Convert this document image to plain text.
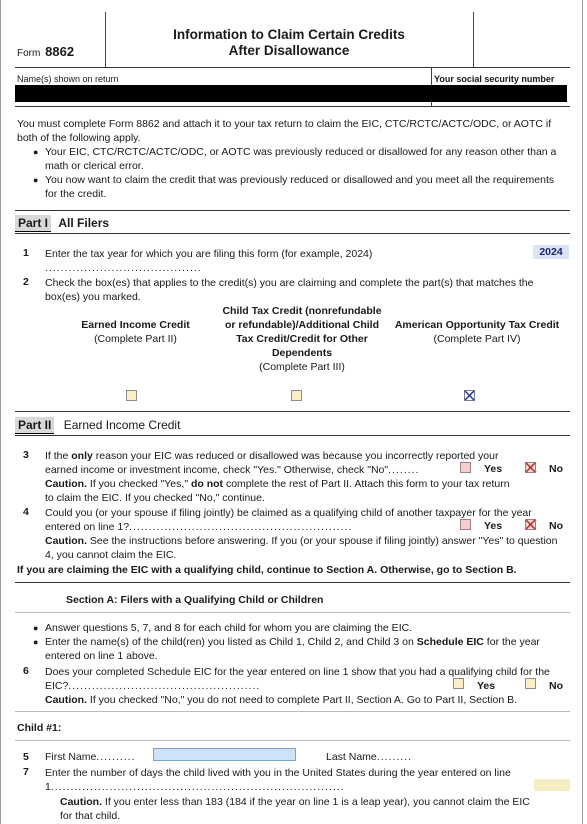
Form 8862
Information to Claim Certain Credits
After Disallowance
Name(s) shown on return	Your social security number

You must complete Form 8862 and attach it to your tax return to claim the EIC, CTC/RCTC/ACTC/ODC, or AOTC if both of the following apply.

● Your EIC, CTC/RCTC/ACTC/ODC, or AOTC was previously reduced or disallowed for any reason other than a math or clerical error.

● You now want to claim the credit that was previously reduced or disallowed and you meet all the requirements for the credit.

Part I All Filers
1 Enter the tax year for which you are filing this form (for example, 2024) ........................................
2024
2 Check the box(es) that applies to the credit(s) you are claiming and complete the part(s) that matches the box(es) you marked.
Earned Income Credit
(Complete Part II)
Child Tax Credit (nonrefundable or refundable)/Additional Child Tax Credit/Credit for Other Dependents
(Complete Part III)
American Opportunity Tax Credit
(Complete Part IV)
Part II Earned Income Credit
3 If the only reason your EIC was reduced or disallowed was because you incorrectly reported your earned income or investment income, check "Yes." Otherwise, check "No"........
Caution. If you checked "Yes," do not complete the rest of Part II. Attach this form to your tax return to claim the EIC. If you checked "No," continue.
Yes	No
4 Could you (or your spouse if filing jointly) be claimed as a qualifying child of another taxpayer for the year entered on line 1?.........................................................
Caution. See the instructions before answering. If you (or your spouse if filing jointly) answer "Yes" to question 4, you cannot claim the EIC.
Yes	No
If you are claiming the EIC with a qualifying child, continue to Section A. Otherwise, go to Section B.
Section A: Filers with a Qualifying Child or Children

● Answer questions 5, 7, and 8 for each child for whom you are claiming the EIC.

● Enter the name(s) of the child(ren) you listed as Child 1, Child 2, and Child 3 on Schedule EIC for the year entered on line 1 above.

6 Does your completed Schedule EIC for the year entered on line 1 show that you had a qualifying child for the EIC?.................................................
Caution. If you checked "No," you do not need to complete Part II, Section A. Go to Part II, Section B.
Yes	No
Child #1:
5 First Name..........	Last Name.........
7 Enter the number of days the child lived with you in the United States during the year entered on line 1...........................................................................
Caution. If you enter less than 183 (184 if the year on line 1 is a leap year), you cannot claim the EIC for that child.
